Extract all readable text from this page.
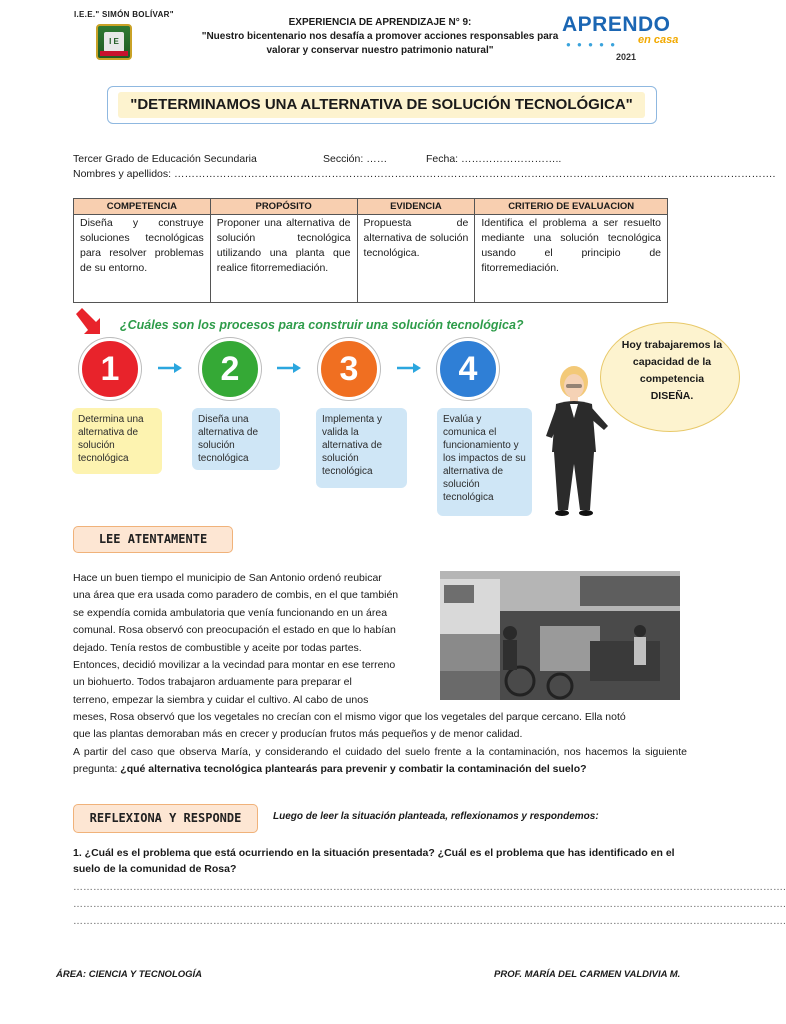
I.E.E." SIMÓN BOLÍVAR"
I E
EXPERIENCIA DE APRENDIZAJE N° 9:
"Nuestro bicentenario nos desafía a promover acciones responsables para
valorar y conservar nuestro patrimonio natural"
APRENDO
● ● ● ● ● en casa
2021
"DETERMINAMOS UNA ALTERNATIVA DE SOLUCIÓN TECNOLÓGICA"
Tercer Grado de Educación Secundaria	Sección: ……	Fecha: ………………………..
Nombres y apellidos: ……………………………………………………………………………………………………………………………………………………….
COMPETENCIA	PROPÓSITO	EVIDENCIA	CRITERIO DE EVALUACION
Diseña y construye soluciones tecnológicas para resolver problemas de su entorno.	Proponer una alternativa de solución tecnológica utilizando una planta que realice fitorremediación.	Propuesta de alternativa de solución tecnológica.	Identifica el problema a ser resuelto mediante una solución tecnológica usando el principio de fitorremediación.
¿Cuáles son los procesos para construir una solución tecnológica?
1	2	3	4
Determina una alternativa de solución tecnológica
Diseña una alternativa de solución tecnológica
Implementa y valida la alternativa de solución tecnológica
Evalúa y comunica el funcionamiento y los impactos de su alternativa de solución tecnológica
Hoy trabajaremos la capacidad de la competencia DISEÑA.
LEE ATENTAMENTE
Hace un buen tiempo el municipio de San Antonio ordenó reubicar
una área que era usada como paradero de combis, en el que también
se expendía comida ambulatoria que venía funcionando en un área
comunal. Rosa observó con preocupación el estado en que lo habían
dejado. Tenía restos de combustible y aceite por todas partes.
Entonces, decidió movilizar a la vecindad para montar en ese terreno
un biohuerto. Todos trabajaron arduamente para preparar el
terreno, empezar la siembra y cuidar el cultivo. Al cabo de unos
meses, Rosa observó que los vegetales no crecían con el mismo vigor que los vegetales del parque cercano. Ella notó
que las plantas demoraban más en crecer y producían frutos más pequeños y de menor calidad.
A partir del caso que observa María, y considerando el cuidado del suelo frente a la contaminación, nos hacemos la siguiente pregunta: ¿qué alternativa tecnológica plantearás para prevenir y combatir la contaminación del suelo?
REFLEXIONA Y RESPONDE	Luego de leer la situación planteada, reflexionamos y respondemos:
1. ¿Cuál es el problema que está ocurriendo en la situación presentada? ¿Cuál es el problema que has identificado en el suelo de la comunidad de Rosa?
…………………………………………………………………………………………………………………………………………………………………………………………….
…………………………………………………………………………………………………………………………………………………………………………………………….
…………………………………………………………………………………………………………………………………………………………………………………………….
ÁREA: CIENCIA Y TECNOLOGÍA	PROF. MARÍA DEL CARMEN VALDIVIA M.
